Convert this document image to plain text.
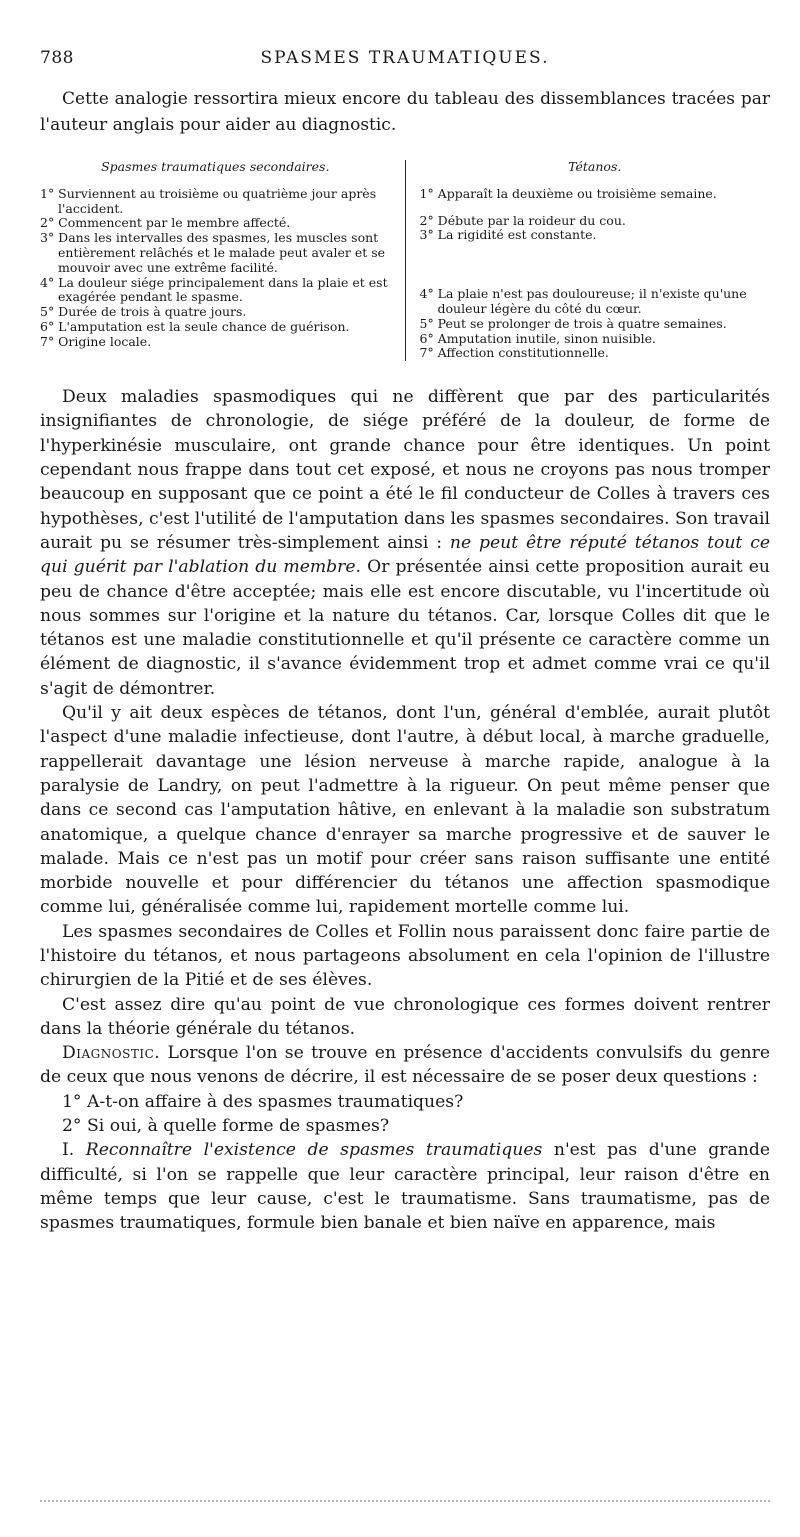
788	SPASMES TRAUMATIQUES.

Cette analogie ressortira mieux encore du tableau des dissemblances tracées par l'auteur anglais pour aider au diagnostic.

Spasmes traumatiques secondaires.
1° Surviennent au troisième ou quatrième jour après l'accident.
2° Commencent par le membre affecté.
3° Dans les intervalles des spasmes, les muscles sont entièrement relâchés et le malade peut avaler et se mouvoir avec une extrême facilité.
4° La douleur siége principalement dans la plaie et est exagérée pendant le spasme.
5° Durée de trois à quatre jours.
6° L'amputation est la seule chance de guérison.
7° Origine locale.
Tétanos.
1° Apparaît la deuxième ou troisième semaine.
2° Débute par la roideur du cou.
3° La rigidité est constante.
4° La plaie n'est pas douloureuse; il n'existe qu'une douleur légère du côté du cœur.
5° Peut se prolonger de trois à quatre semaines.
6° Amputation inutile, sinon nuisible.
7° Affection constitutionnelle.

Deux maladies spasmodiques qui ne diffèrent que par des particularités insignifiantes de chronologie, de siége préféré de la douleur, de forme de l'hyperkinésie musculaire, ont grande chance pour être identiques. Un point cependant nous frappe dans tout cet exposé, et nous ne croyons pas nous tromper beaucoup en supposant que ce point a été le fil conducteur de Colles à travers ces hypothèses, c'est l'utilité de l'amputation dans les spasmes secondaires. Son travail aurait pu se résumer très-simplement ainsi : ne peut être réputé tétanos tout ce qui guérit par l'ablation du membre. Or présentée ainsi cette proposition aurait eu peu de chance d'être acceptée; mais elle est encore discutable, vu l'incertitude où nous sommes sur l'origine et la nature du tétanos. Car, lorsque Colles dit que le tétanos est une maladie constitutionnelle et qu'il présente ce caractère comme un élément de diagnostic, il s'avance évidemment trop et admet comme vrai ce qu'il s'agit de démontrer.

Qu'il y ait deux espèces de tétanos, dont l'un, général d'emblée, aurait plutôt l'aspect d'une maladie infectieuse, dont l'autre, à début local, à marche graduelle, rappellerait davantage une lésion nerveuse à marche rapide, analogue à la paralysie de Landry, on peut l'admettre à la rigueur. On peut même penser que dans ce second cas l'amputation hâtive, en enlevant à la maladie son substratum anatomique, a quelque chance d'enrayer sa marche progressive et de sauver le malade. Mais ce n'est pas un motif pour créer sans raison suffisante une entité morbide nouvelle et pour différencier du tétanos une affection spasmodique comme lui, généralisée comme lui, rapidement mortelle comme lui.

Les spasmes secondaires de Colles et Follin nous paraissent donc faire partie de l'histoire du tétanos, et nous partageons absolument en cela l'opinion de l'illustre chirurgien de la Pitié et de ses élèves.

C'est assez dire qu'au point de vue chronologique ces formes doivent rentrer dans la théorie générale du tétanos.

Diagnostic. Lorsque l'on se trouve en présence d'accidents convulsifs du genre de ceux que nous venons de décrire, il est nécessaire de se poser deux questions :

1° A-t-on affaire à des spasmes traumatiques?

2° Si oui, à quelle forme de spasmes?

I. Reconnaître l'existence de spasmes traumatiques n'est pas d'une grande difficulté, si l'on se rappelle que leur caractère principal, leur raison d'être en même temps que leur cause, c'est le traumatisme. Sans traumatisme, pas de spasmes traumatiques, formule bien banale et bien naïve en apparence, mais
